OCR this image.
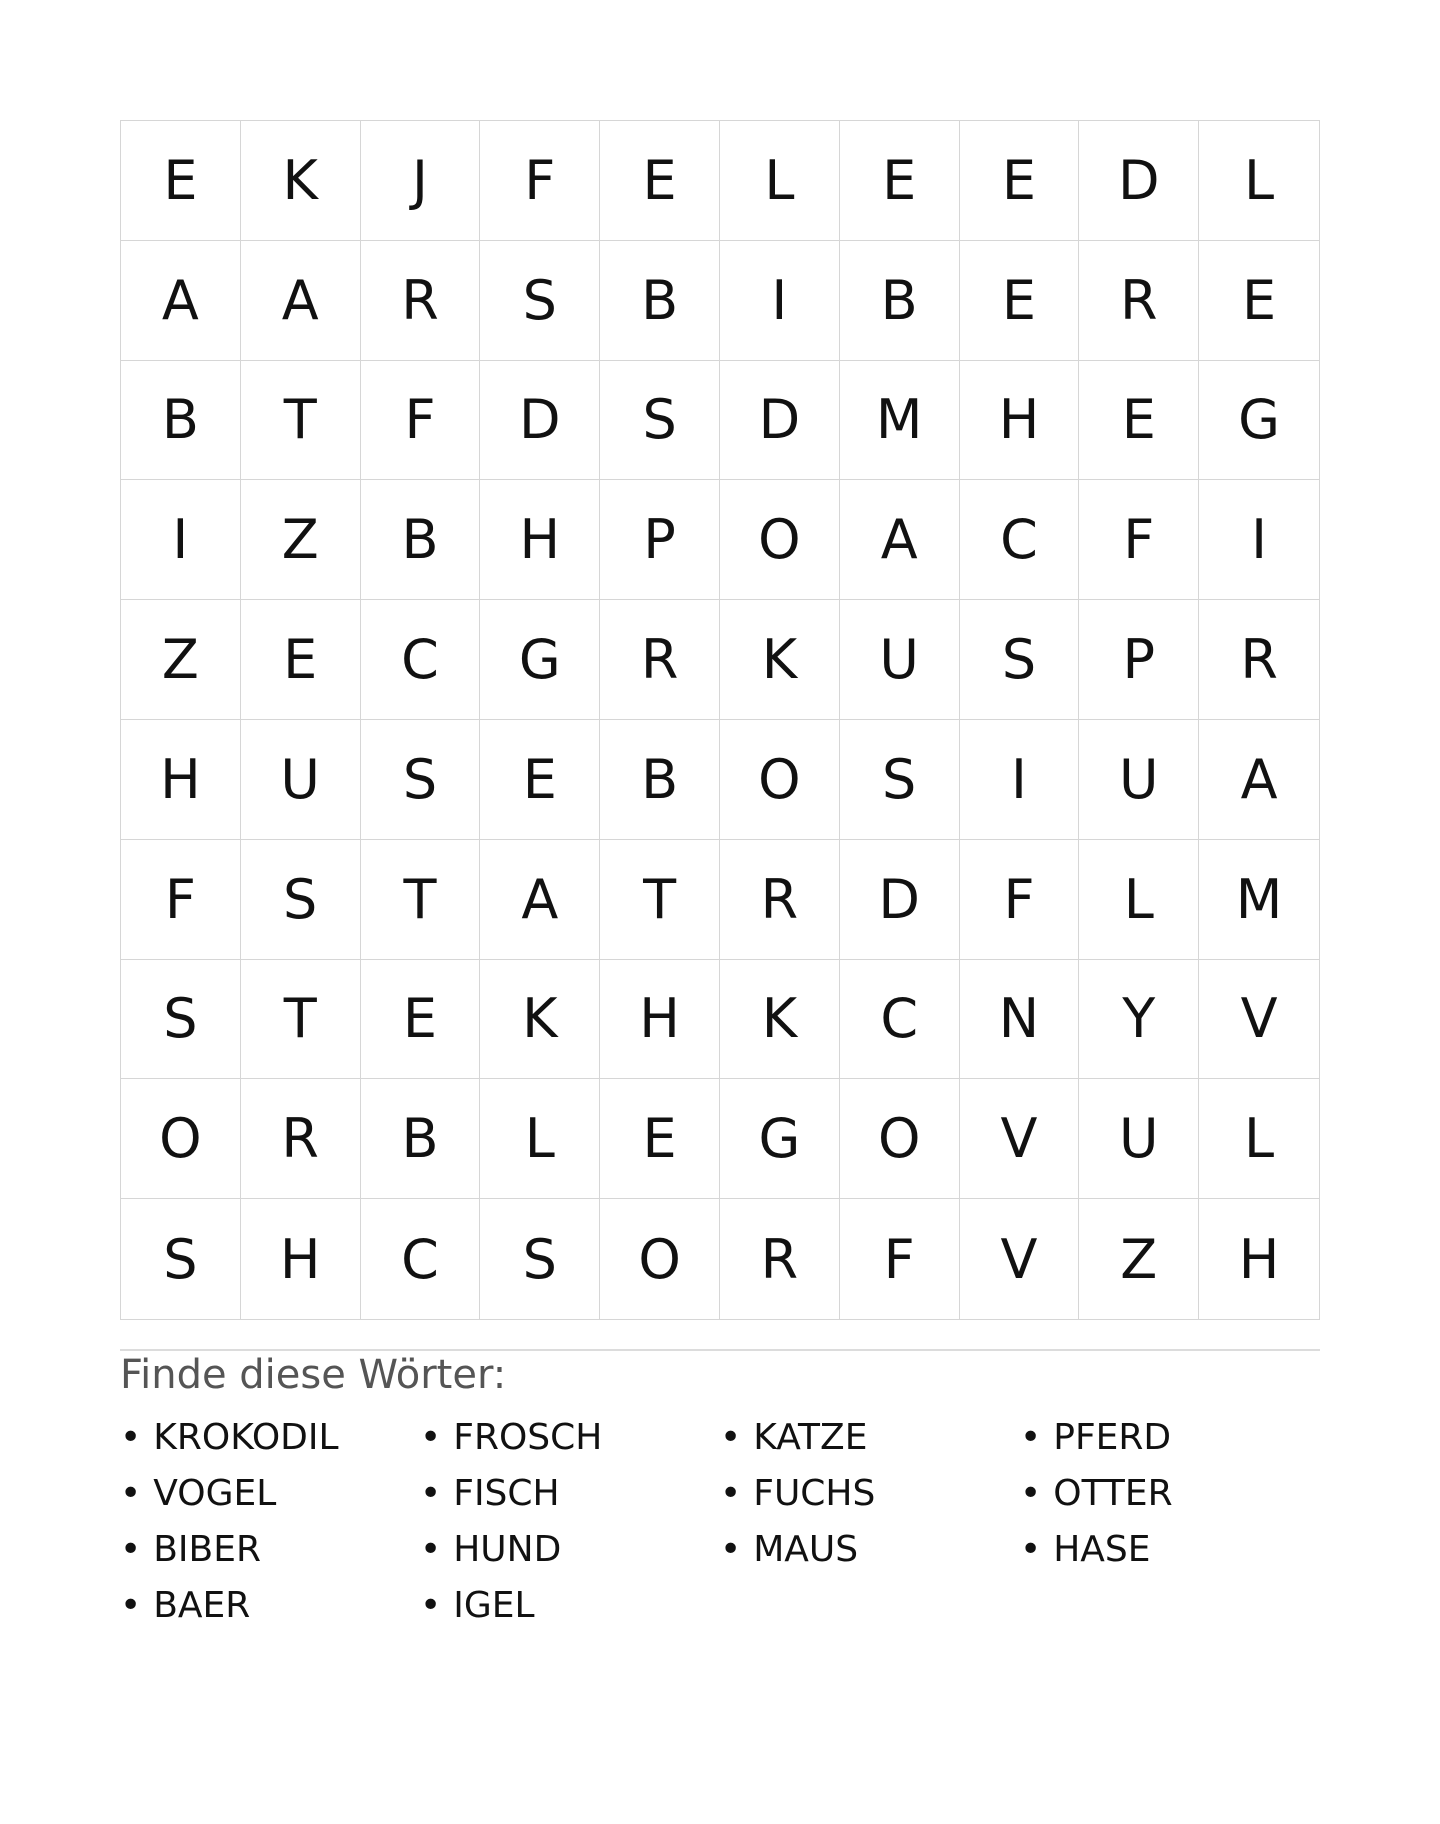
E	K	J	F	E	L	E	E	D	L
A	A	R	S	B	I	B	E	R	E
B	T	F	D	S	D	M	H	E	G
I	Z	B	H	P	O	A	C	F	I
Z	E	C	G	R	K	U	S	P	R
H	U	S	E	B	O	S	I	U	A
F	S	T	A	T	R	D	F	L	M
S	T	E	K	H	K	C	N	Y	V
O	R	B	L	E	G	O	V	U	L
S	H	C	S	O	R	F	V	Z	H
Finde diese Wörter:
• KROKODIL	• FROSCH	• KATZE	• PFERD
• VOGEL	• FISCH	• FUCHS	• OTTER
• BIBER	• HUND	• MAUS	• HASE
• BAER	• IGEL
